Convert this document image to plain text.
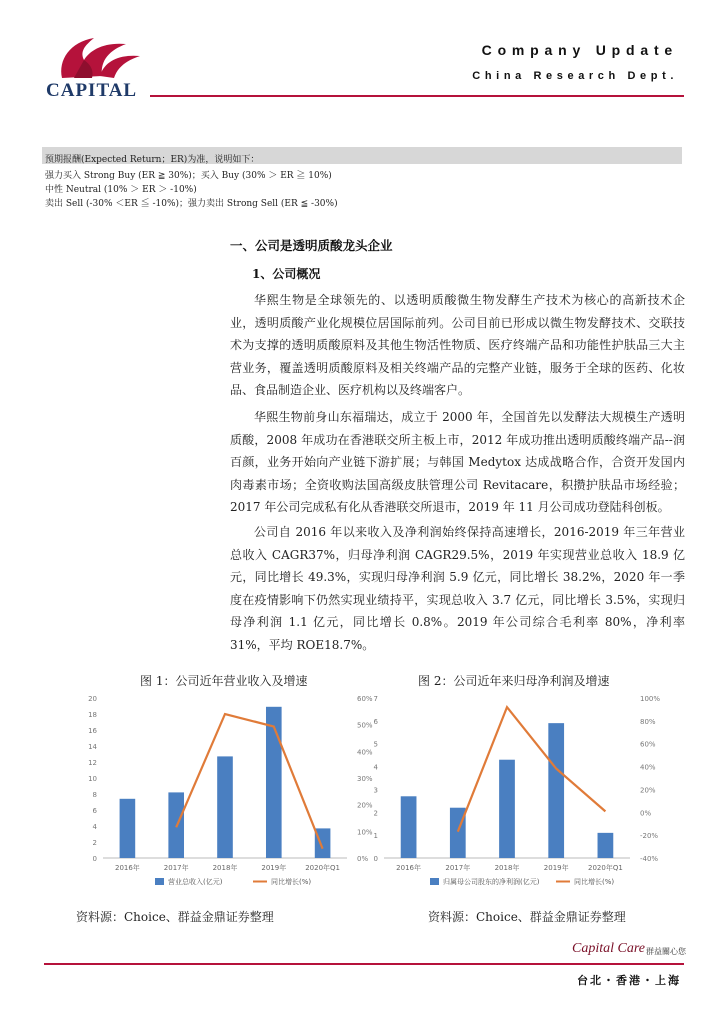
CAPITAL
Company Update
China Research Dept.
预期报酬(Expected Return；ER)为准，说明如下：
强力买入 Strong Buy (ER ≧ 30%)；买入 Buy (30% ＞ ER ≧ 10%)
中性 Neutral (10% ＞ ER ＞ -10%)
卖出 Sell (-30% ＜ER ≦ -10%)；强力卖出 Strong Sell (ER ≦ -30%)
一、公司是透明质酸龙头企业
1、公司概况
华熙生物是全球领先的、以透明质酸微生物发酵生产技术为核心的高新技术企业，透明质酸产业化规模位居国际前列。公司目前已形成以微生物发酵技术、交联技术为支撑的透明质酸原料及其他生物活性物质、医疗终端产品和功能性护肤品三大主营业务，覆盖透明质酸原料及相关终端产品的完整产业链，服务于全球的医药、化妆品、食品制造企业、医疗机构以及终端客户。
华熙生物前身山东福瑞达，成立于 2000 年，全国首先以发酵法大规模生产透明质酸，2008 年成功在香港联交所主板上市，2012 年成功推出透明质酸终端产品--润百颜，业务开始向产业链下游扩展；与韩国 Medytox 达成战略合作，合资开发国内肉毒素市场；全资收购法国高级皮肤管理公司 Revitacare，积攒护肤品市场经验；2017 年公司完成私有化从香港联交所退市，2019 年 11 月公司成功登陆科创板。
公司自 2016 年以来收入及净利润始终保持高速增长，2016-2019 年三年营业总收入 CAGR37%，归母净利润 CAGR29.5%，2019 年实现营业总收入 18.9 亿元，同比增长 49.3%，实现归母净利润 5.9 亿元，同比增长 38.2%，2020 年一季度在疫情影响下仍然实现业绩持平，实现总收入 3.7 亿元，同比增长 3.5%，实现归母净利润 1.1 亿元，同比增长 0.8%。2019 年公司综合毛利率 80%，净利率 31%，平均 ROE18.7%。
图 1：公司近年营业收入及增速
0
2
4
6
8
10
12
14
16
18
20
0%
10%
20%
30%
40%
50%
60%
2016年	2017年	2018年	2019年	2020年Q1
营业总收入(亿元)	同比增长(%)
资料源：Choice、群益金鼎证券整理
图 2：公司近年来归母净利润及增速
0
1
2
3
4
5
6
7
-40%
-20%
0%
20%
40%
60%
80%
100%
2016年	2017年	2018年	2019年	2020年Q1
归属母公司股东的净利润(亿元)	同比增长(%)
资料源：Choice、群益金鼎证券整理
Capital Care 群益關心您
台北・香港・上海
